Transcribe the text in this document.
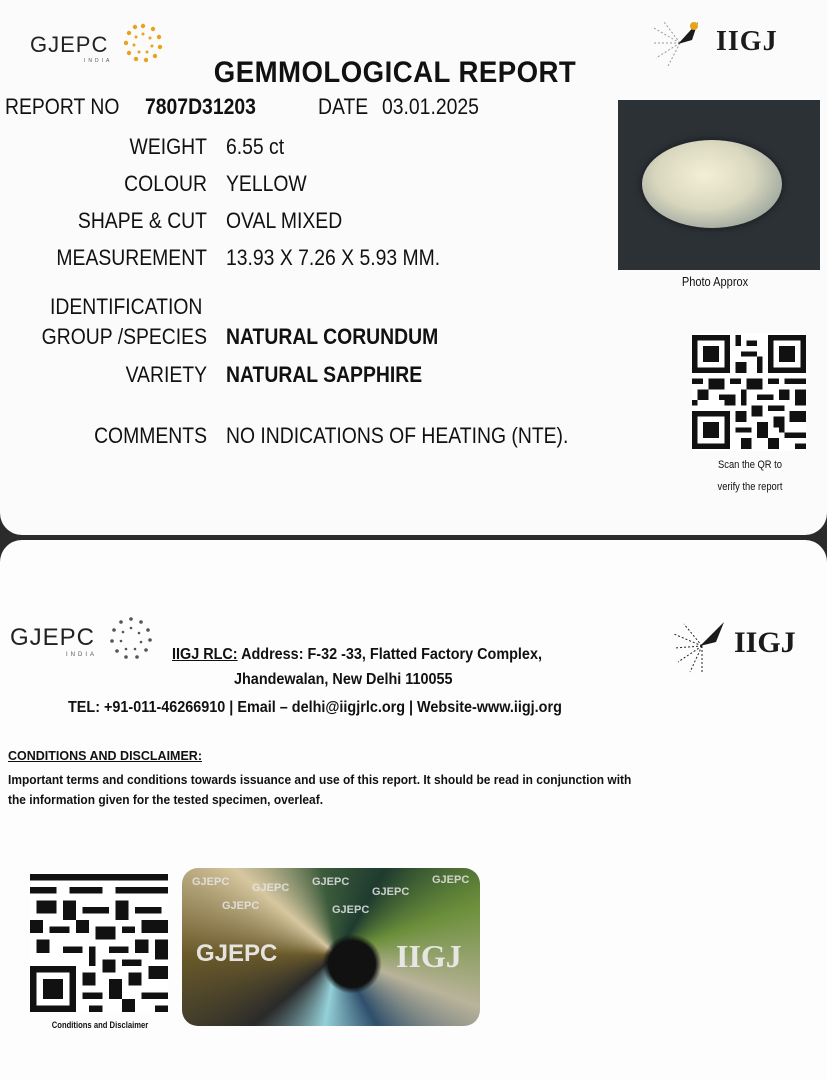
GJEPC
INDIA
IIGJ
GEMMOLOGICAL REPORT
REPORT NO 7807D31203	DATE 03.01.2025
WEIGHT 6.55 ct
COLOUR YELLOW
SHAPE & CUT OVAL MIXED
MEASUREMENT 13.93 X 7.26 X 5.93 MM.
IDENTIFICATION
GROUP /SPECIES NATURAL CORUNDUM
VARIETY NATURAL SAPPHIRE
COMMENTS NO INDICATIONS OF HEATING (NTE).
Photo Approx
Scan the QR to
verify the report
GJEPC
INDIA	IIGJ
IIGJ RLC: Address: F-32 -33, Flatted Factory Complex,
Jhandewalan, New Delhi 110055
TEL: +91-011-46266910 | Email – delhi@iigjrlc.org | Website-www.iigj.org
CONDITIONS AND DISCLAIMER:
Important terms and conditions towards issuance and use of this report. It should be read in conjunction with
the information given for the tested specimen, overleaf.
Conditions and Disclaimer
GJEPC GJEPC GJEPC
GJEPC
GJEPC
GJEPC	GJEPC
GJEPC	IIGJ
